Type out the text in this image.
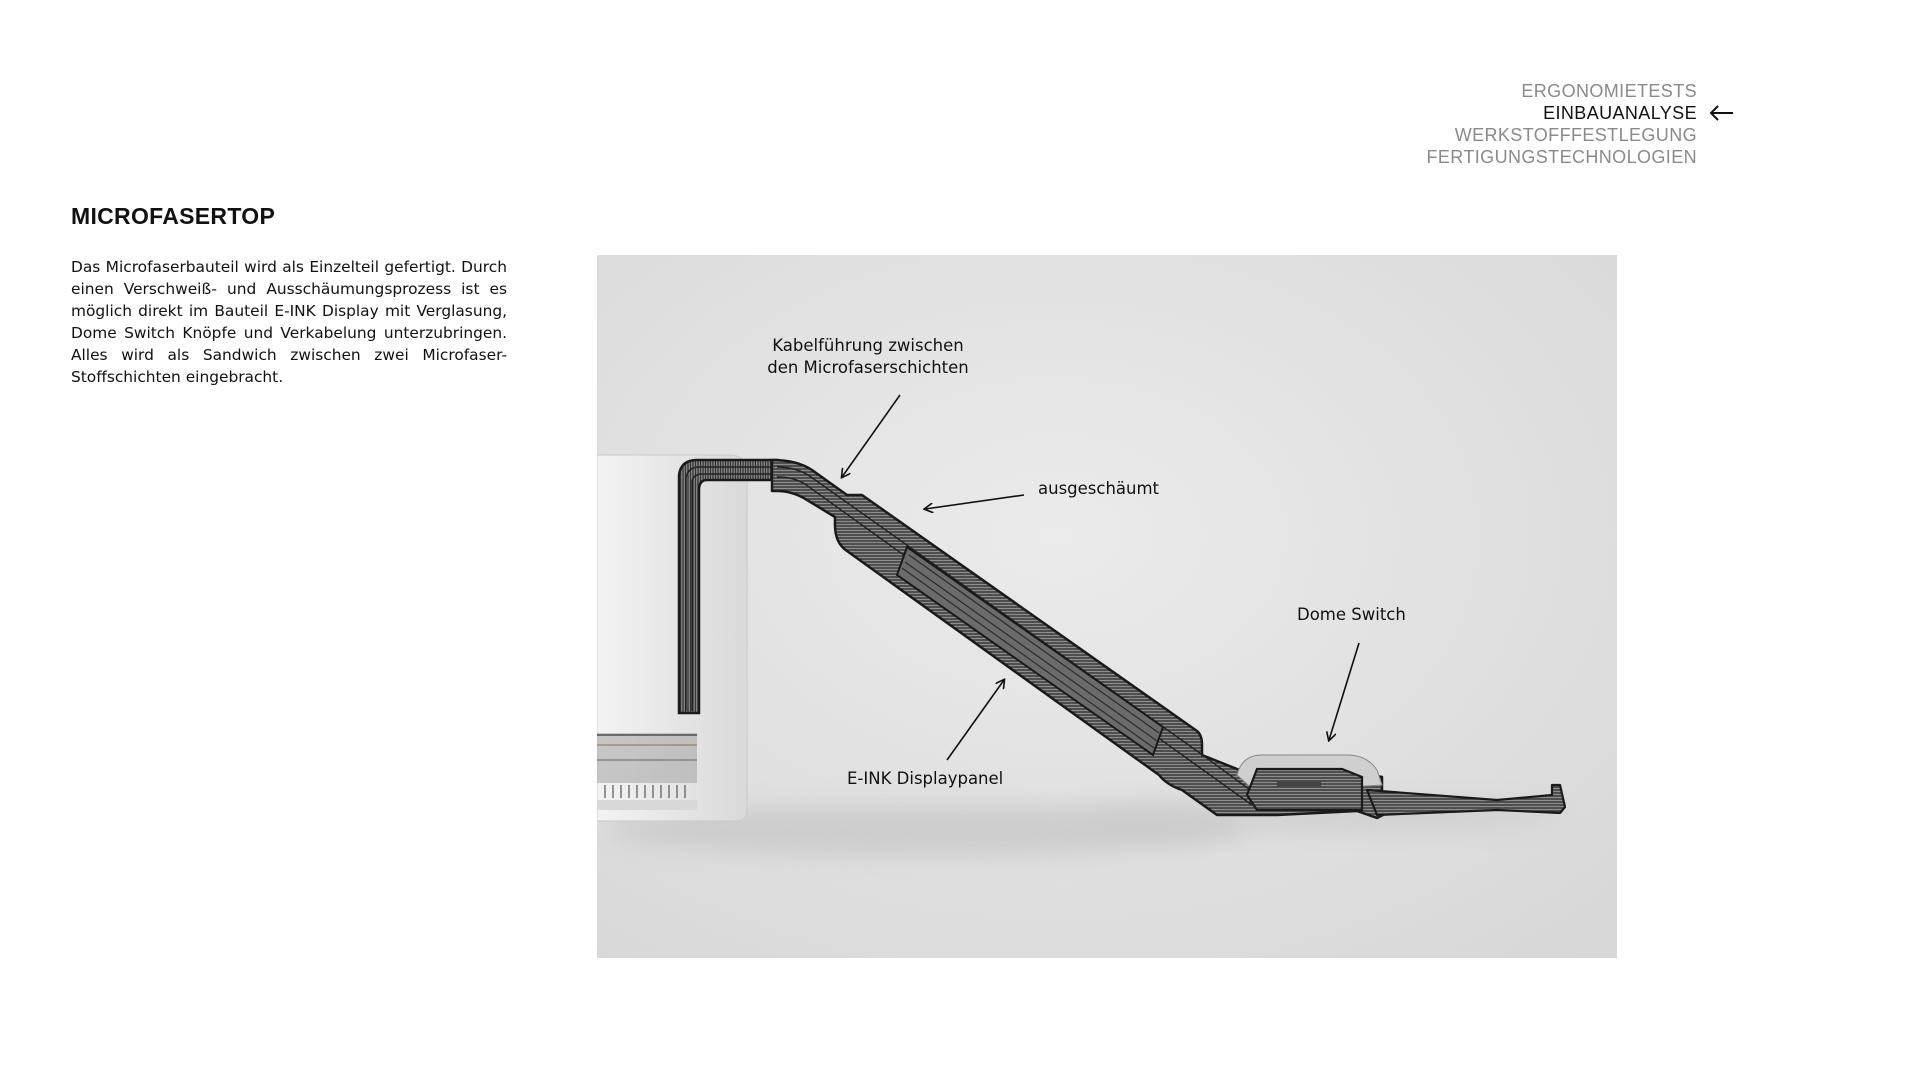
ERGONOMIETESTS
EINBAUANALYSE
WERKSTOFFFESTLEGUNG
FERTIGUNGSTECHNOLOGIEN
MICROFASERTOP
Das Microfaserbauteil wird als Einzelteil gefertigt. Durch einen Verschweiß- und Ausschäumungsprozess ist es möglich direkt im Bauteil E-INK Display mit Verglasung, Dome Switch Knöpfe und Verkabelung unterzubringen. Alles wird als Sandwich zwischen zwei Microfaser-Stoffschichten eingebracht.
Kabelführung zwischen
den Microfaserschichten
ausgeschäumt
Dome Switch
E-INK Displaypanel
